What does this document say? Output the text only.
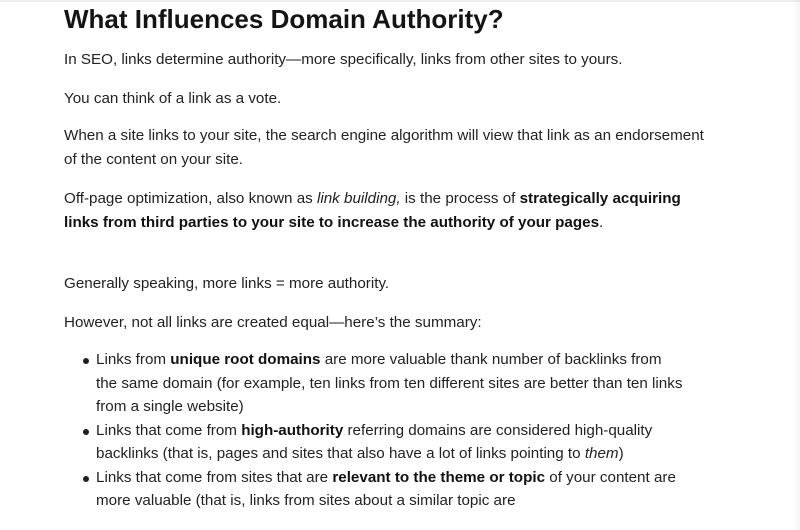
What Influences Domain Authority?

In SEO, links determine authority—more specifically, links from other sites to yours.

You can think of a link as a vote.

When a site links to your site, the search engine algorithm will view that link as an endorsement of the content on your site.

Off-page optimization, also known as link building, is the process of strategically acquiring links from third parties to your site to increase the authority of your pages.

Generally speaking, more links = more authority.

However, not all links are created equal—here’s the summary:

Links from unique root domains are more valuable thank number of backlinks from the same domain (for example, ten links from ten different sites are better than ten links from a single website)
Links that come from high-authority referring domains are considered high-quality backlinks (that is, pages and sites that also have a lot of links pointing to them)
Links that come from sites that are relevant to the theme or topic of your content are more valuable (that is, links from sites about a similar topic are
